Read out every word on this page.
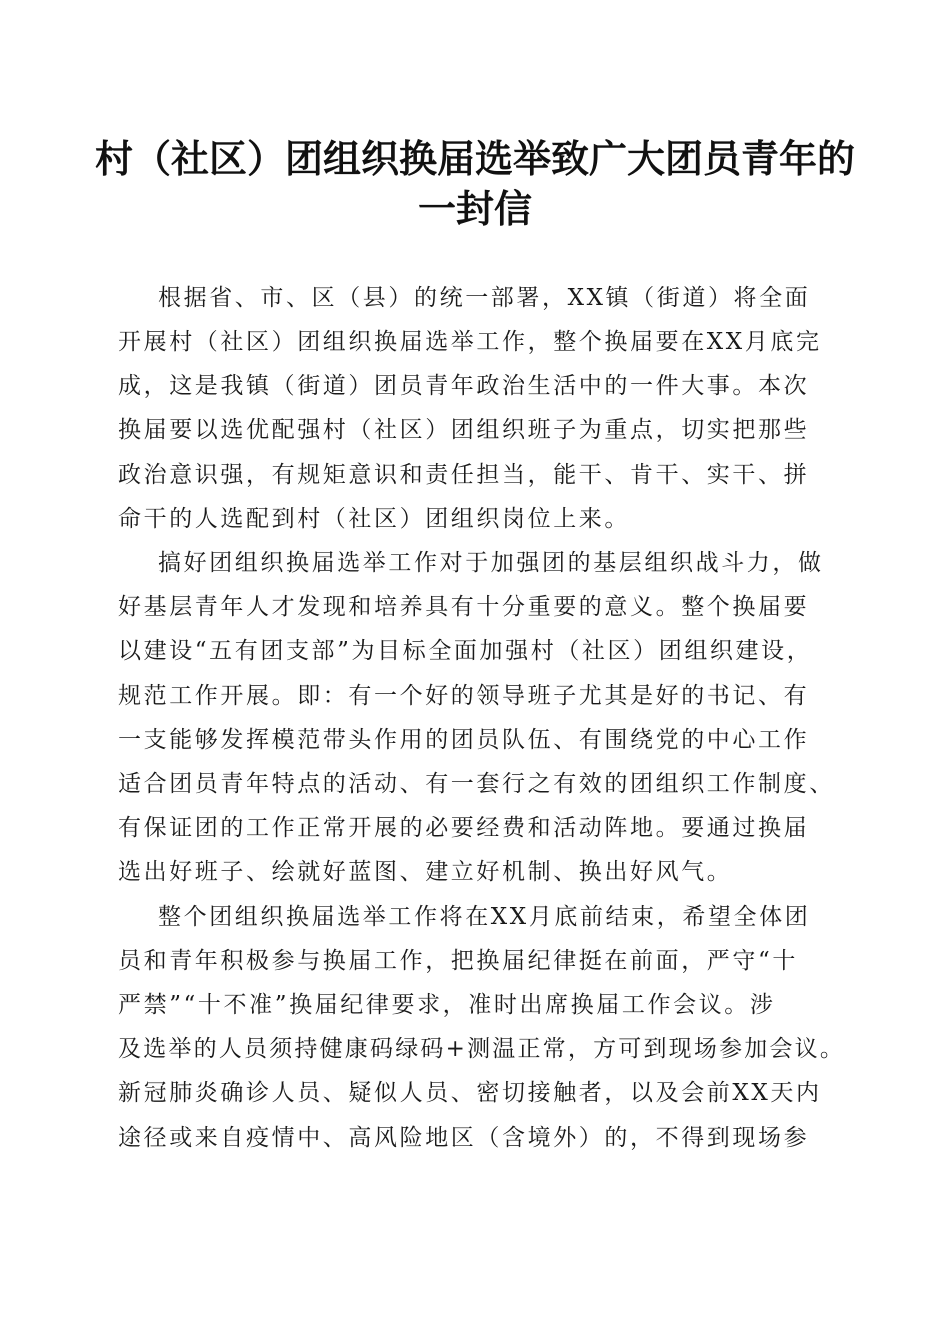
村（社区）团组织换届选举致广大团员青年的
一封信
根据省、市、区（县）的统一部署，XX镇（街道）将全面
开展村（社区）团组织换届选举工作，整个换届要在XX月底完
成，这是我镇（街道）团员青年政治生活中的一件大事。本次
换届要以选优配强村（社区）团组织班子为重点，切实把那些
政治意识强，有规矩意识和责任担当，能干、肯干、实干、拼
命干的人选配到村（社区）团组织岗位上来。
搞好团组织换届选举工作对于加强团的基层组织战斗力，做
好基层青年人才发现和培养具有十分重要的意义。整个换届要
以建设“五有团支部”为目标全面加强村（社区）团组织建设，
规范工作开展。即：有一个好的领导班子尤其是好的书记、有
一支能够发挥模范带头作用的团员队伍、有围绕党的中心工作
适合团员青年特点的活动、有一套行之有效的团组织工作制度、
有保证团的工作正常开展的必要经费和活动阵地。要通过换届
选出好班子、绘就好蓝图、建立好机制、换出好风气。
整个团组织换届选举工作将在XX月底前结束，希望全体团
员和青年积极参与换届工作，把换届纪律挺在前面，严守“十
严禁”“十不准”换届纪律要求，准时出席换届工作会议。涉
及选举的人员须持健康码绿码+测温正常，方可到现场参加会议。
新冠肺炎确诊人员、疑似人员、密切接触者，以及会前XX天内
途径或来自疫情中、高风险地区（含境外）的，不得到现场参
